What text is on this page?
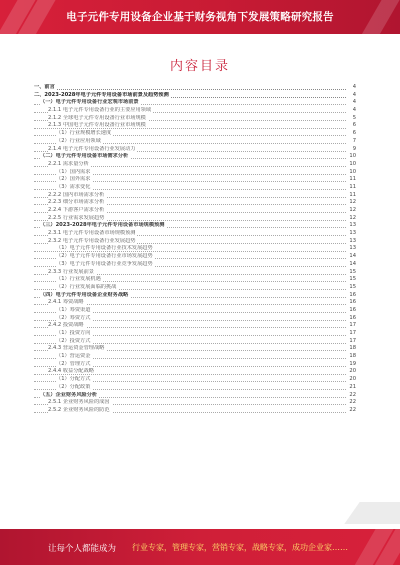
电子元件专用设备企业基于财务视角下发展策略研究报告
内容目录
一、前言	4
二、2023-2028年电子元件专用设备市场前景及趋势预测	4
（一）电子元件专用设备行业宏观市场前景	4
2.1.1 电子元件专用设备行业的主要应用领域	4
2.1.2 全球电子元件专用设备行业市场规模	5
2.1.3 中国电子元件专用设备行业市场规模	6
（1）行业规模增长速度	6
（2）行业应用领域	7
2.1.4 电子元件专用设备行业发展动力	9
（二）电子元件专用设备市场需求分析	10
2.2.1 需求量分析	10
（1）国内需求	10
（2）国外需求	11
（3）需求变化	11
2.2.2 国内市场需求分析	11
2.2.3 细分市场需求分析	12
2.2.4 下游客户需求分析	12
2.2.5 行业需求发展趋势	12
（三）2023-2028年电子元件专用设备市场规模预测	13
2.3.1 电子元件专用设备市场规模预测	13
2.3.2 电子元件专用设备行业发展趋势	13
（1）电子元件专用设备行业技术发展趋势	13
（2）电子元件专用设备行业市场发展趋势	14
（3）电子元件专用设备行业竞争发展趋势	14
2.3.3 行业发展前景	15
（1）行业发展机遇	15
（2）行业发展面临的挑战	15
（四）电子元件专用设备企业财务战略	16
2.4.1 筹资战略	16
（1）筹资渠道	16
（2）筹资方式	16
2.4.2 投资战略	17
（1）投资方向	17
（2）投资方式	17
2.4.3 营运资金管理战略	18
（1）营运资金	18
（2）管理方式	19
2.4.4 收益分配战略	20
（1）分配方式	20
（2）分配政策	21
（五）企业财务风险分析	22
2.5.1 企业财务风险的成因	22
2.5.2 企业财务风险的防范	22
让每个人都能成为 行业专家，管理专家，营销专家，战略专家，成功企业家……
